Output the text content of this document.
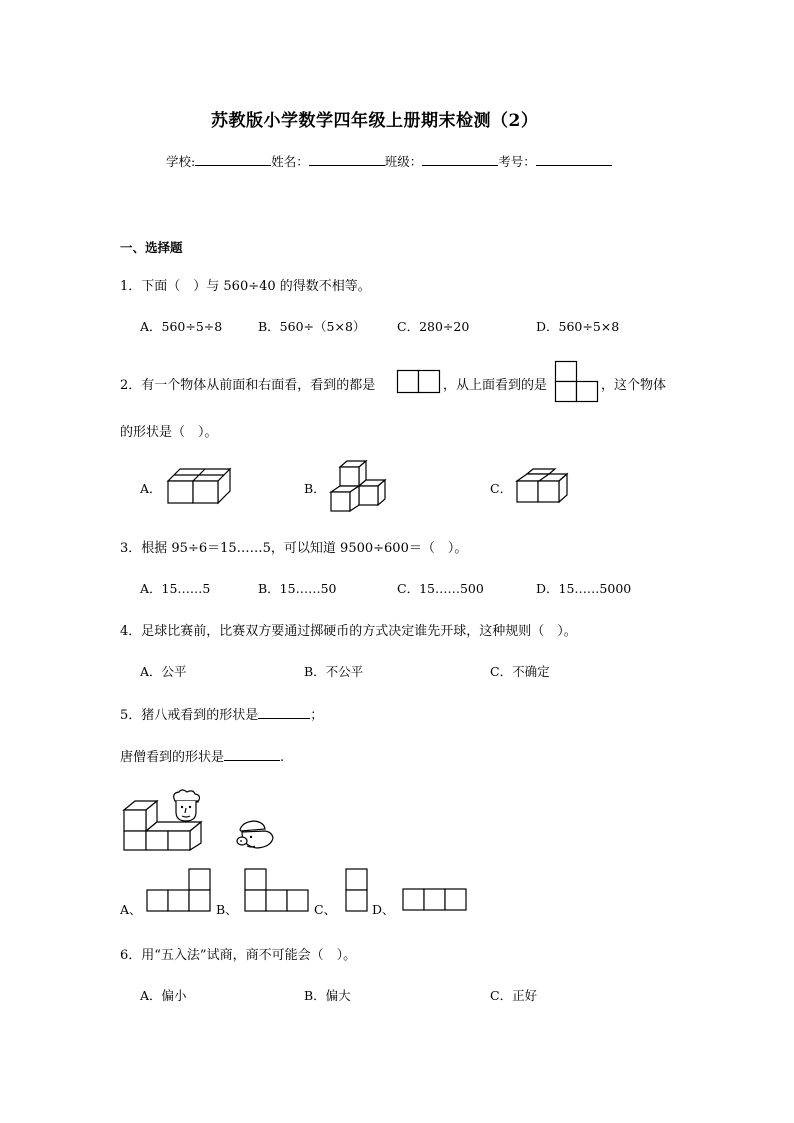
苏教版小学数学四年级上册期末检测（2）
学校:	姓名：	班级：	考号：
一、选择题
1．下面（　）与 560÷40 的得数不相等。
A．560÷5÷8	B．560÷（5×8）	C．280÷20	D．560÷5×8
2．有一个物体从前面和右面看，看到的都是	，从上面看到的是	，这个物体
的形状是（　）。
A．	B．	C．
3．根据 95÷6＝15……5，可以知道 9500÷600＝（　）。
A．15……5	B．15……50	C．15……500	D．15……5000
4．足球比赛前，比赛双方要通过掷硬币的方式决定谁先开球，这种规则（　）。
A．公平	B．不公平	C．不确定
5．猪八戒看到的形状是	；
唐僧看到的形状是	.
A、	B、	C、	D、
6．用“五入法”试商，商不可能会（　）。
A．偏小	B．偏大	C．正好
